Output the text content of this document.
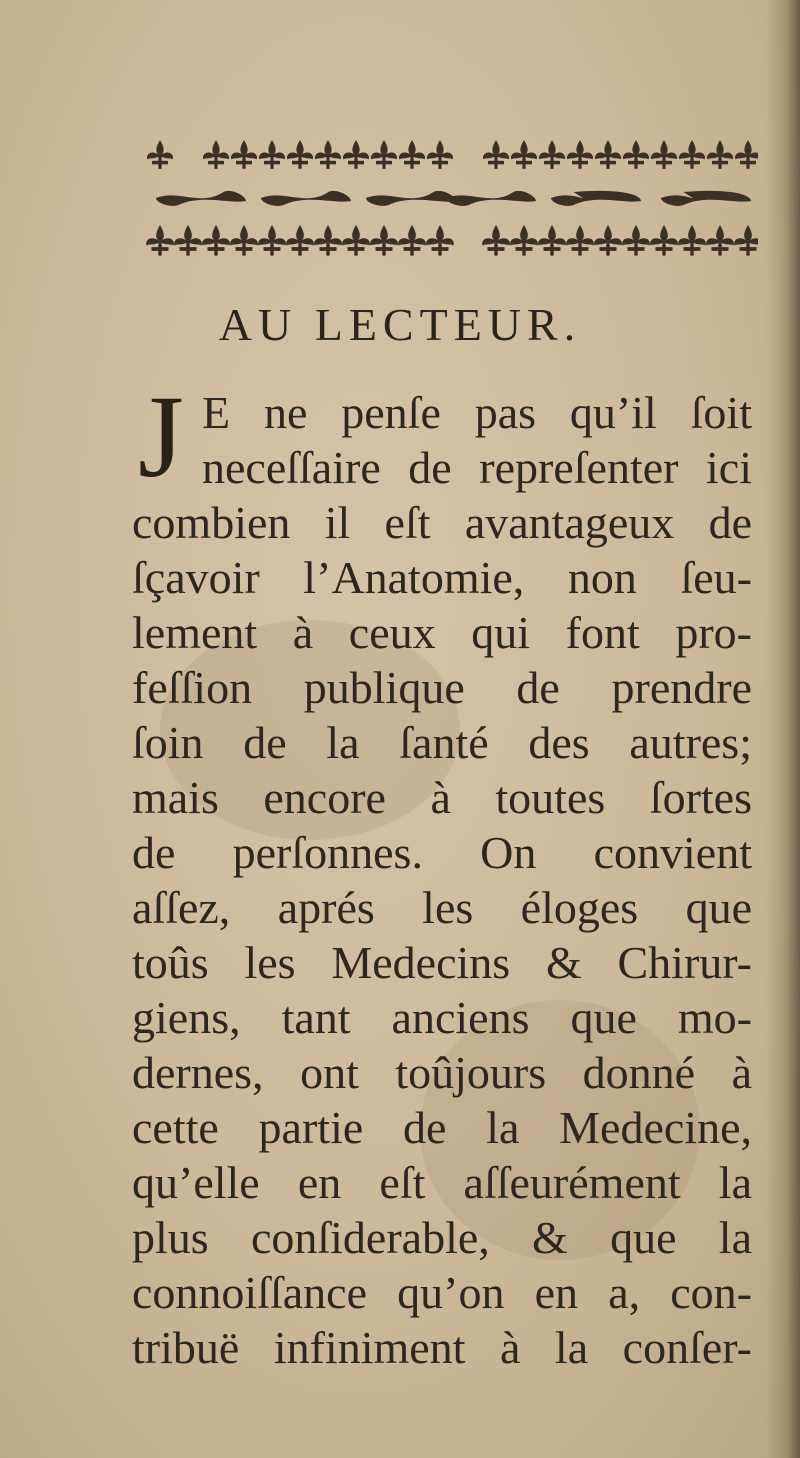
AU LECTEUR.
J E ne penſe pas qu’il ſoit
neceſſaire de repreſenter ici
combien il eſt avantageux de
ſçavoir l’Anatomie, non ſeu-
lement à ceux qui font pro-
feſſion publique de prendre
ſoin de la ſanté des autres;
mais encore à toutes ſortes
de perſonnes. On convient
aſſez, aprés les éloges que
toûs les Medecins & Chirur-
giens, tant anciens que mo-
dernes, ont toûjours donné à
cette partie de la Medecine,
qu’elle en eſt aſſeurément la
plus conſiderable, & que la
connoiſſance qu’on en a, con-
tribuë infiniment à la conſer-
